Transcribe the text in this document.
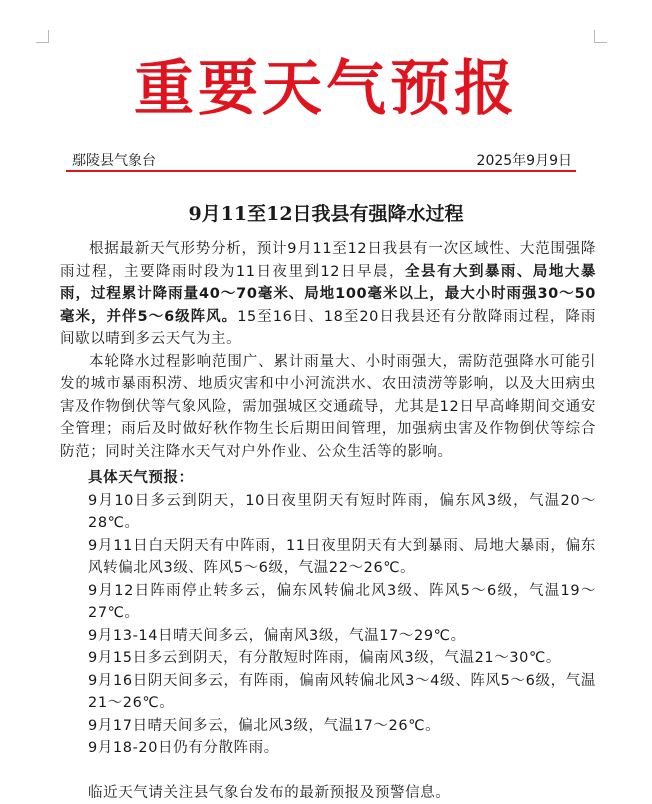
重要天气预报
鄢陵县气象台	2025年9月9日
9月11至12日我县有强降水过程

根据最新天气形势分析，预计9月11至12日我县有一次区域性、大范围强降雨过程，主要降雨时段为11日夜里到12日早晨，全县有大到暴雨、局地大暴雨，过程累计降雨量40～70毫米、局地100毫米以上，最大小时雨强30～50毫米，并伴5～6级阵风。15至16日、18至20日我县还有分散降雨过程，降雨间歇以晴到多云天气为主。

本轮降水过程影响范围广、累计雨量大、小时雨强大，需防范强降水可能引发的城市暴雨积涝、地质灾害和中小河流洪水、农田渍涝等影响，以及大田病虫害及作物倒伏等气象风险，需加强城区交通疏导，尤其是12日早高峰期间交通安全管理；雨后及时做好秋作物生长后期田间管理，加强病虫害及作物倒伏等综合防范；同时关注降水天气对户外作业、公众生活等的影响。

具体天气预报：

9月10日多云到阴天，10日夜里阴天有短时阵雨，偏东风3级，气温20～28℃。

9月11日白天阴天有中阵雨，11日夜里阴天有大到暴雨、局地大暴雨，偏东风转偏北风3级、阵风5～6级，气温22～26℃。

9月12日阵雨停止转多云，偏东风转偏北风3级、阵风5～6级，气温19～27℃。

9月13-14日晴天间多云，偏南风3级，气温17～29℃。

9月15日多云到阴天，有分散短时阵雨，偏南风3级，气温21～30℃。

9月16日阴天间多云，有阵雨，偏南风转偏北风3～4级、阵风5～6级，气温21～26℃。

9月17日晴天间多云，偏北风3级，气温17～26℃。

9月18-20日仍有分散阵雨。

临近天气请关注县气象台发布的最新预报及预警信息。
